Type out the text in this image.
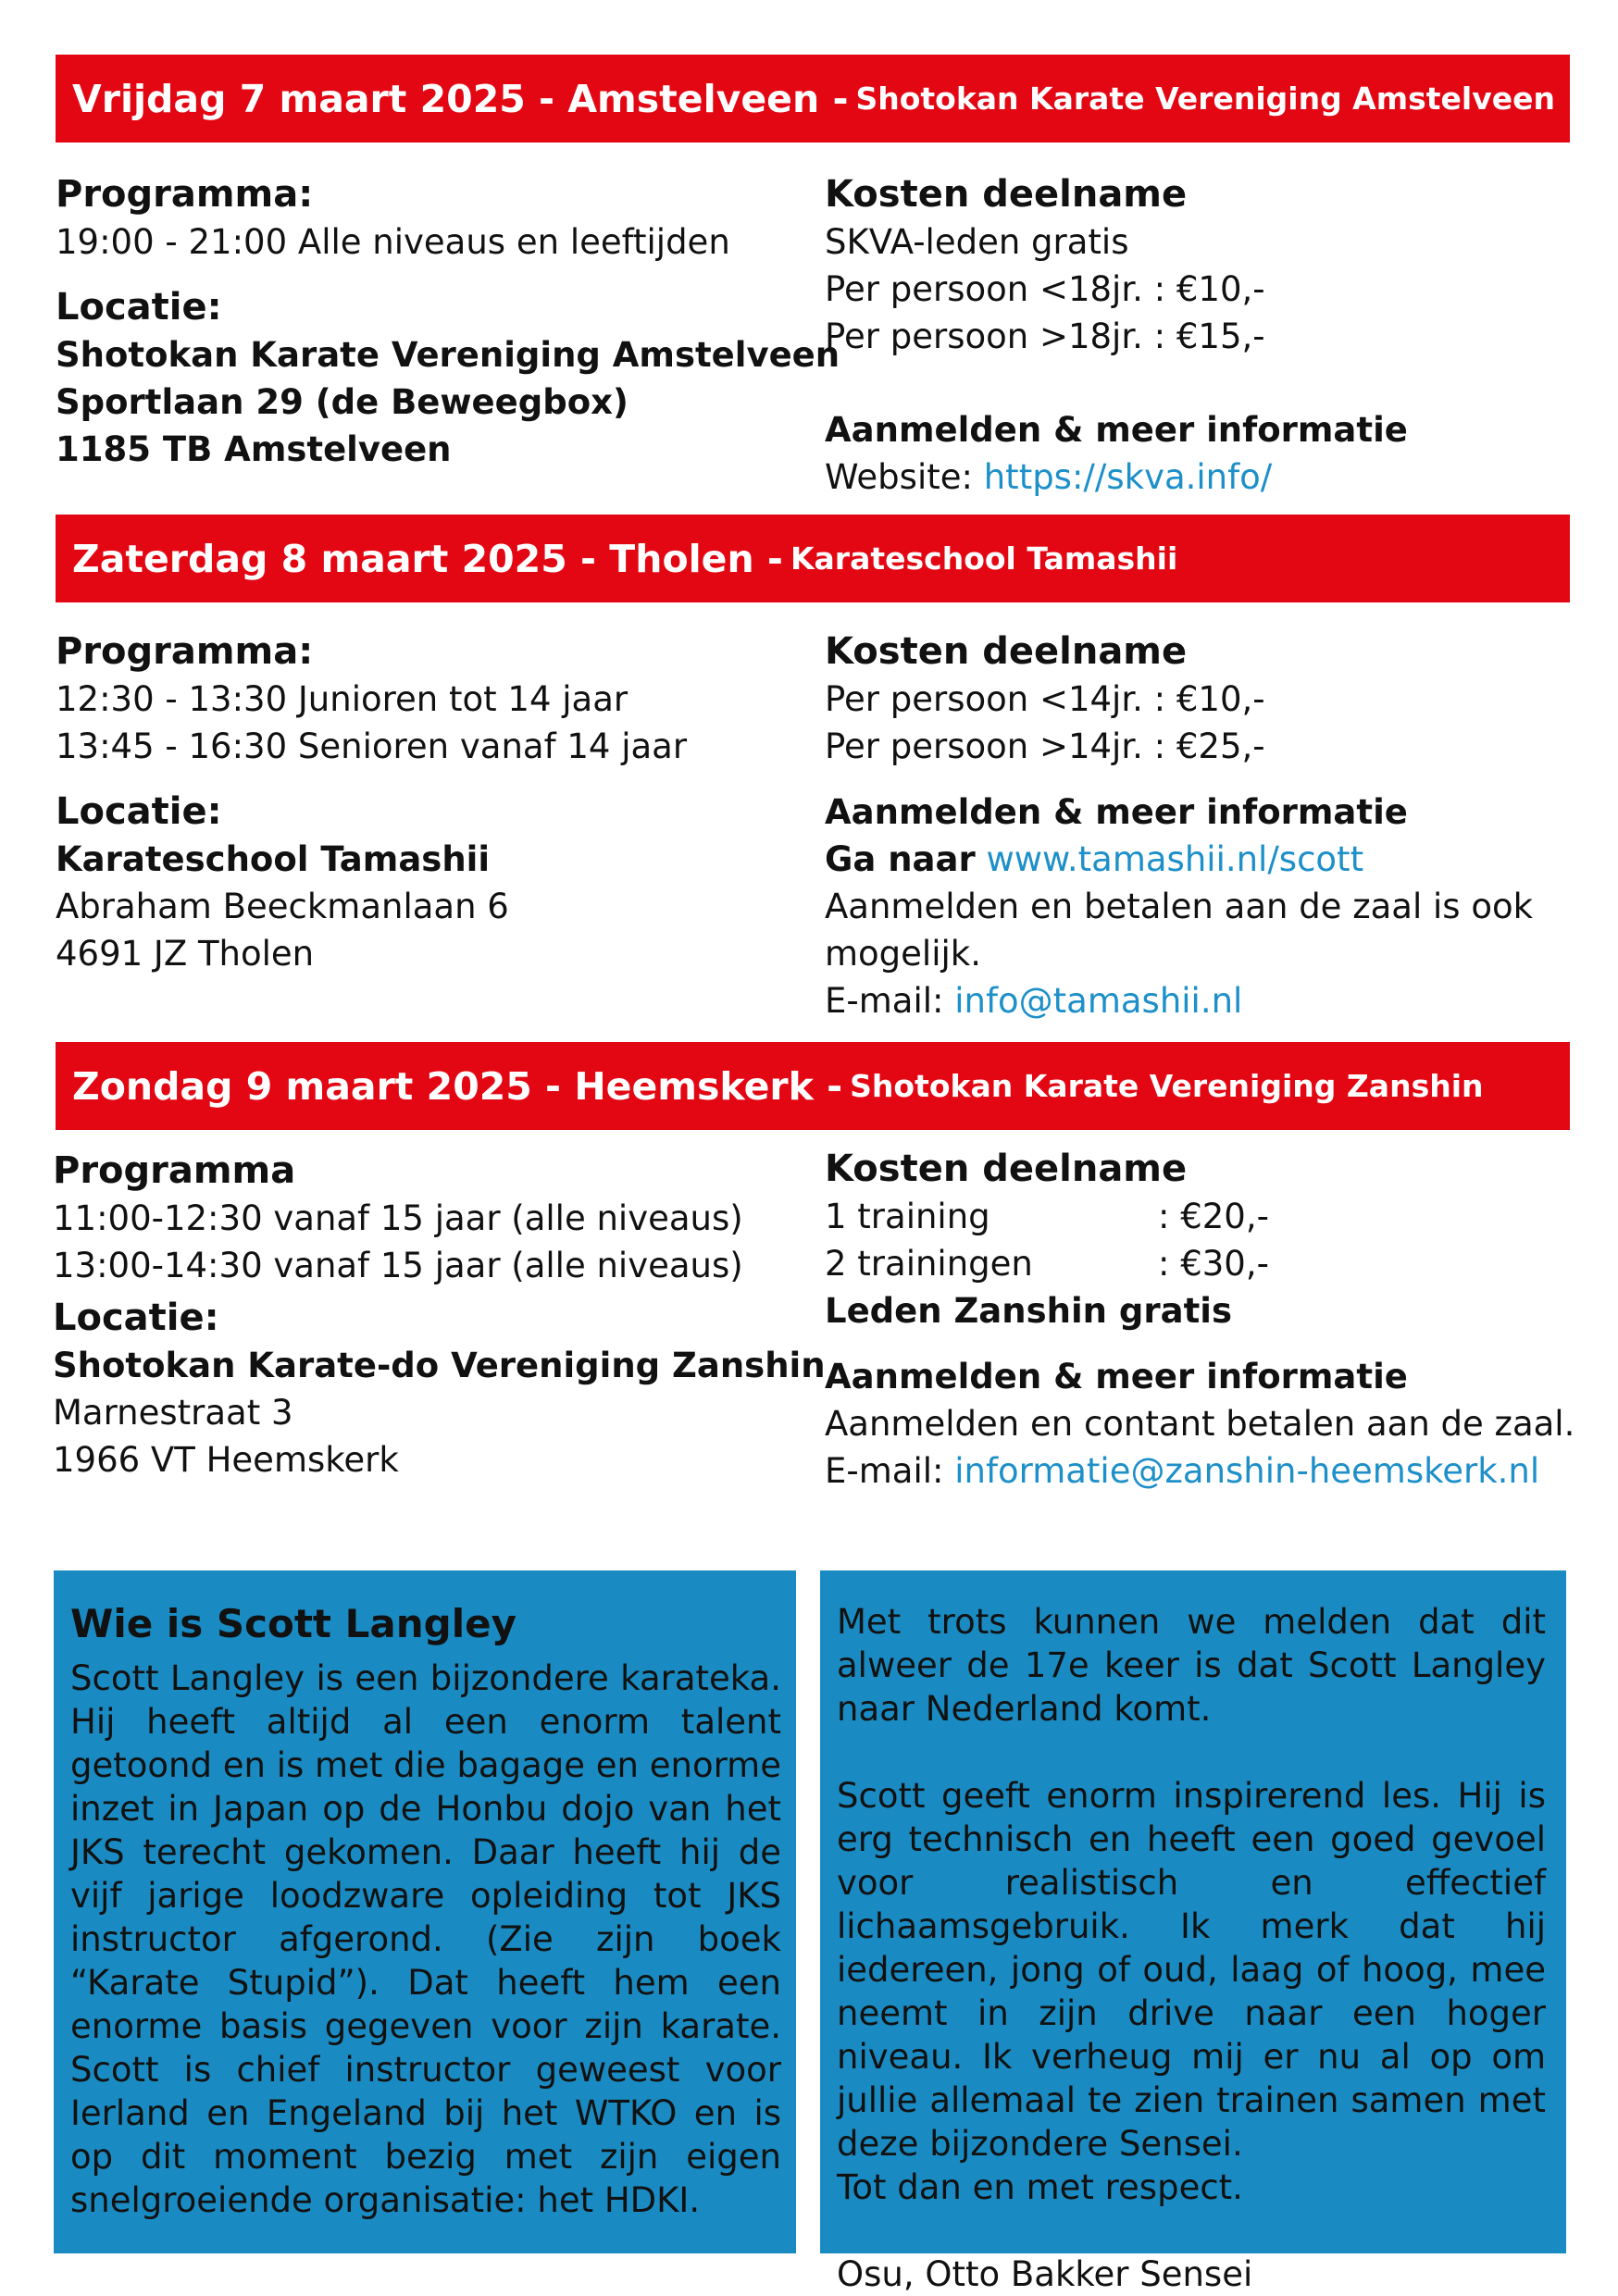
Vrijdag 7 maart 2025 - Amstelveen - Shotokan Karate Vereniging Amstelveen
Programma:
19:00 - 21:00 Alle niveaus en leeftijden
Locatie:
Shotokan Karate Vereniging Amstelveen
Sportlaan 29 (de Beweegbox)
1185 TB Amstelveen
Kosten deelname
SKVA-leden gratis
Per persoon <18jr. : €10,-
Per persoon >18jr. : €15,-
Aanmelden & meer informatie
Website: https://skva.info/
Zaterdag 8 maart 2025 - Tholen - Karateschool Tamashii
Programma:
12:30 - 13:30 Junioren tot 14 jaar
13:45 - 16:30 Senioren vanaf 14 jaar
Locatie:
Karateschool Tamashii
Abraham Beeckmanlaan 6
4691 JZ Tholen
Kosten deelname
Per persoon <14jr. : €10,-
Per persoon >14jr. : €25,-
Aanmelden & meer informatie
Ga naar www.tamashii.nl/scott
Aanmelden en betalen aan de zaal is ook
mogelijk.
E-mail: info@tamashii.nl
Zondag 9 maart 2025 - Heemskerk - Shotokan Karate Vereniging Zanshin
Programma
11:00-12:30 vanaf 15 jaar (alle niveaus)
13:00-14:30 vanaf 15 jaar (alle niveaus)
Locatie:
Shotokan Karate-do Vereniging Zanshin
Marnestraat 3
1966 VT Heemskerk
Kosten deelname
1 training	: €20,-
2 trainingen	: €30,-
Leden Zanshin gratis
Aanmelden & meer informatie
Aanmelden en contant betalen aan de zaal.
E-mail: informatie@zanshin-heemskerk.nl
Wie is Scott Langley

Scott Langley is een bijzondere karateka. Hij heeft altijd al een enorm talent getoond en is met die bagage en enorme inzet in Japan op de Honbu dojo van het JKS terecht gekomen. Daar heeft hij de vijf jarige loodzware opleiding tot JKS instructor afgerond. (Zie zijn boek “Karate Stupid”). Dat heeft hem een enorme basis gegeven voor zijn karate. Scott is chief instructor geweest voor Ierland en Engeland bij het WTKO en is op dit moment bezig met zijn eigen snelgroeiende organisatie: het HDKI.

Met trots kunnen we melden dat dit alweer de 17e keer is dat Scott Langley naar Nederland komt.

Scott geeft enorm inspirerend les. Hij is erg technisch en heeft een goed gevoel voor realistisch en effectief lichaamsgebruik. Ik merk dat hij iedereen, jong of oud, laag of hoog, mee neemt in zijn drive naar een hoger niveau. Ik verheug mij er nu al op om jullie allemaal te zien trainen samen met deze bijzondere Sensei.

Tot dan en met respect.

Osu, Otto Bakker Sensei
